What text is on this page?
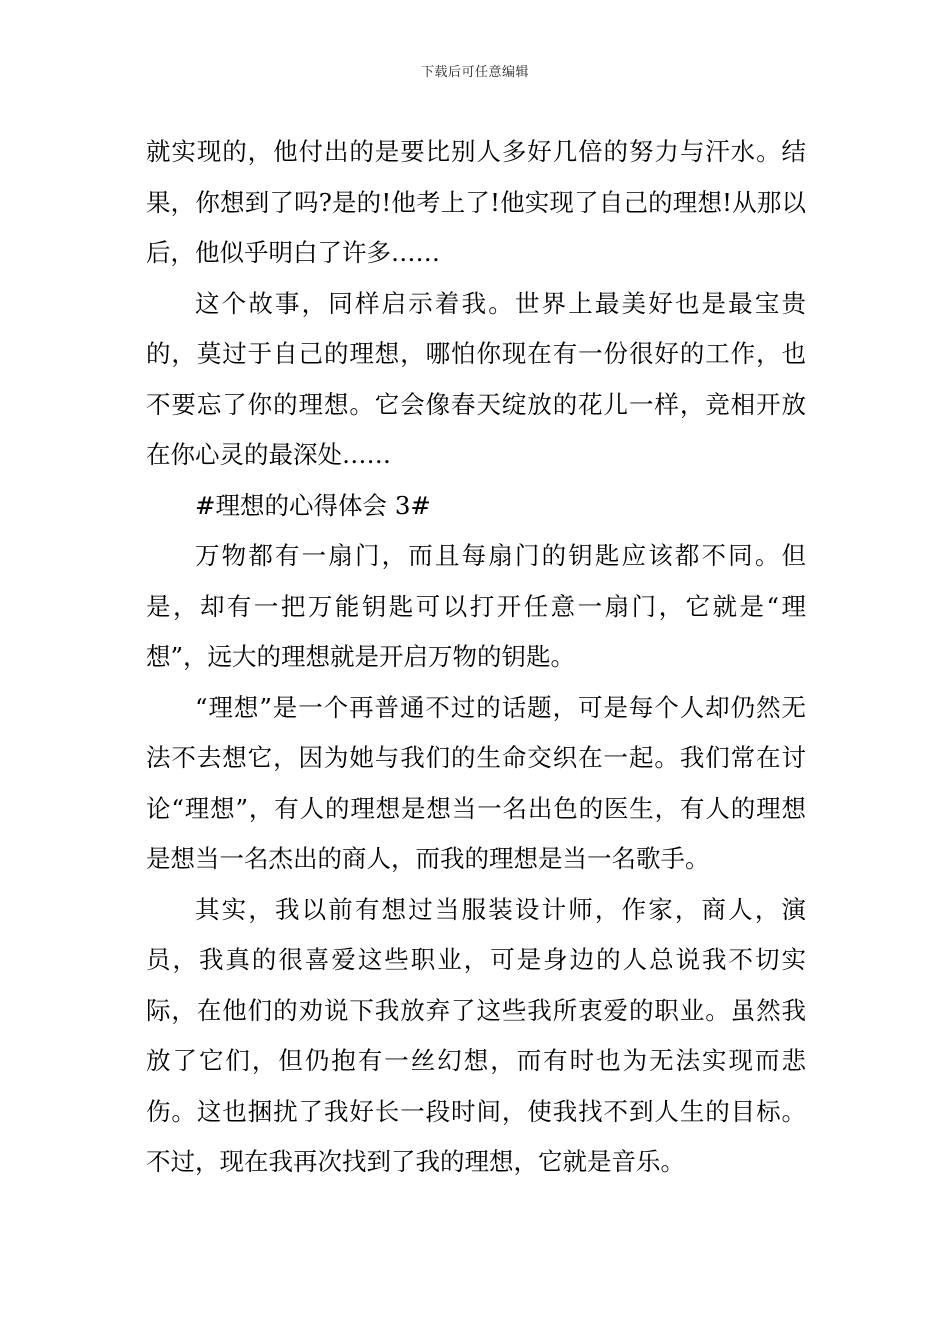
下载后可任意编辑

就实现的，他付出的是要比别人多好几倍的努力与汗水。结果，你想到了吗?是的!他考上了!他实现了自己的理想!从那以后，他似乎明白了许多……

这个故事，同样启示着我。世界上最美好也是最宝贵的，莫过于自己的理想，哪怕你现在有一份很好的工作，也不要忘了你的理想。它会像春天绽放的花儿一样，竞相开放在你心灵的最深处……

#理想的心得体会 3#

万物都有一扇门，而且每扇门的钥匙应该都不同。但是，却有一把万能钥匙可以打开任意一扇门，它就是“理想”，远大的理想就是开启万物的钥匙。

“理想”是一个再普通不过的话题，可是每个人却仍然无法不去想它，因为她与我们的生命交织在一起。我们常在讨论“理想”，有人的理想是想当一名出色的医生，有人的理想是想当一名杰出的商人，而我的理想是当一名歌手。

其实，我以前有想过当服装设计师，作家，商人，演员，我真的很喜爱这些职业，可是身边的人总说我不切实际，在他们的劝说下我放弃了这些我所衷爱的职业。虽然我放了它们，但仍抱有一丝幻想，而有时也为无法实现而悲伤。这也捆扰了我好长一段时间，使我找不到人生的目标。不过，现在我再次找到了我的理想，它就是音乐。
